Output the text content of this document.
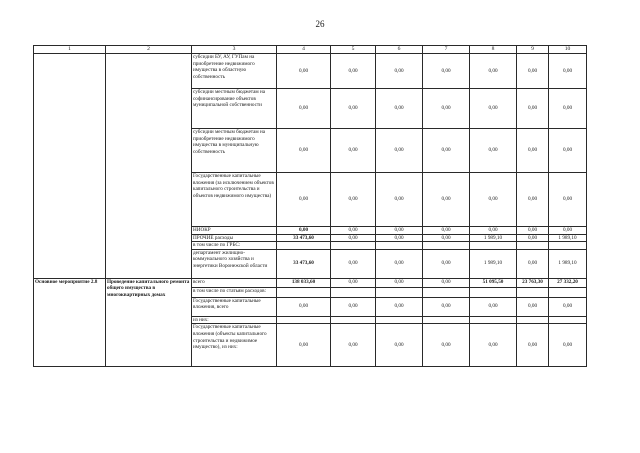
26
1	2	3	4	5	6	7	8	9	10
		субсидии БУ, АУ, ГУПам на приобретение недвижимого имущества в областную собственность	0,00	0,00	0,00	0,00	0,00	0,00	0,00
		субсидии местным бюджетам на софинансирование объектов муниципальной собственности	0,00	0,00	0,00	0,00	0,00	0,00	0,00
		субсидии местным бюджетам на приобретение недвижимого имущества в муниципальную собственность	0,00	0,00	0,00	0,00	0,00	0,00	0,00
		Государственные капитальные вложения (за исключением объектов капитального строительства и объектов недвижимого имущества)	0,00	0,00	0,00	0,00	0,00	0,00	0,00
		НИОКР	0,00	0,00	0,00	0,00	0,00	0,00	0,00
		ПРОЧИЕ расходы	33 473,60	0,00	0,00	0,00	1 989,10	0,00	1 989,10
		в том числе по ГРБС:							
		департамент жилищно-коммунального хозяйства и энергетики Воронежской области	33 473,60	0,00	0,00	0,00	1 989,10	0,00	1 989,10
Основное мероприятие 2.8	Проведение капитального ремонта общего имущества в многоквартирных домах	всего	138 033,60	0,00	0,00	0,00	51 095,50	23 763,30	27 332,20
		в том числе по статьям расходов:							
		Государственные капитальные вложения, всего	0,00	0,00	0,00	0,00	0,00	0,00	0,00
		из них:							
		Государственные капитальные вложения (объекты капитального строительства и недвижимое имущество), из них:	0,00	0,00	0,00	0,00	0,00	0,00	0,00
